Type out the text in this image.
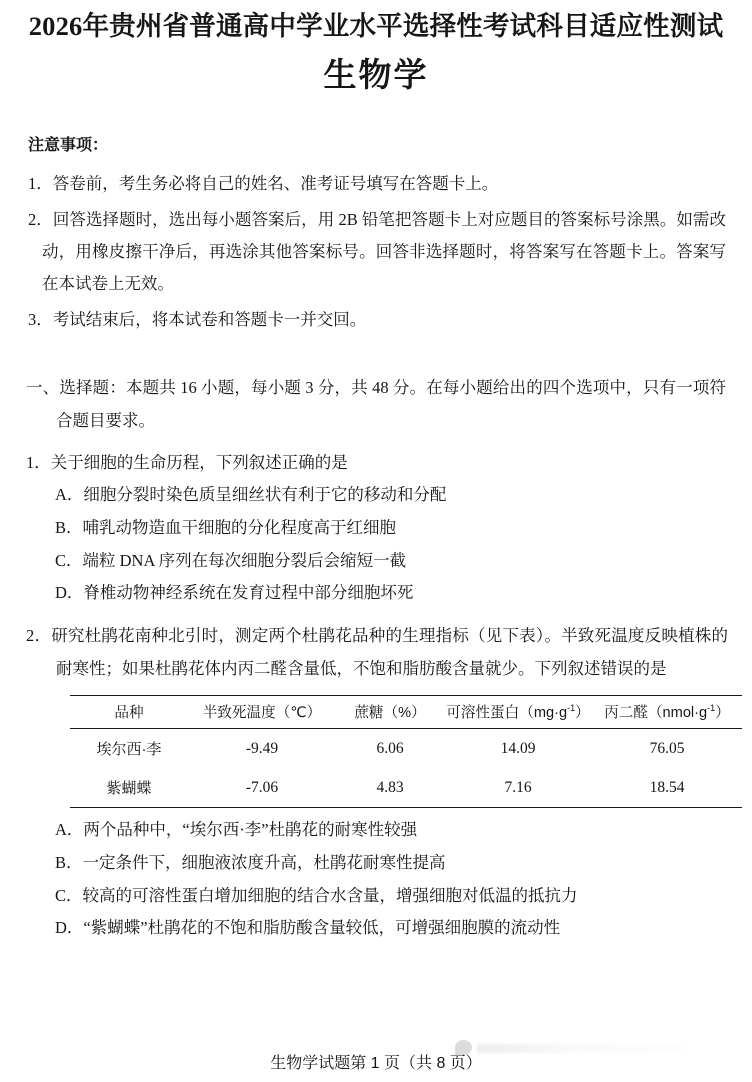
2026年贵州省普通高中学业水平选择性考试科目适应性测试
生物学

注意事项：

1．答卷前，考生务必将自己的姓名、准考证号填写在答题卡上。

2．回答选择题时，选出每小题答案后，用 2B 铅笔把答题卡上对应题目的答案标号涂黑。如需改动，用橡皮擦干净后，再选涂其他答案标号。回答非选择题时，将答案写在答题卡上。答案写在本试卷上无效。

3．考试结束后，将本试卷和答题卡一并交回。

一、选择题：本题共 16 小题，每小题 3 分，共 48 分。在每小题给出的四个选项中，只有一项符合题目要求。

1．关于细胞的生命历程，下列叙述正确的是

A．细胞分裂时染色质呈细丝状有利于它的移动和分配
B．哺乳动物造血干细胞的分化程度高于红细胞
C．端粒 DNA 序列在每次细胞分裂后会缩短一截
D．脊椎动物神经系统在发育过程中部分细胞坏死

2．研究杜鹃花南种北引时，测定两个杜鹃花品种的生理指标（见下表）。半致死温度反映植株的耐寒性；如果杜鹃花体内丙二醛含量低，不饱和脂肪酸含量就少。下列叙述错误的是

品种	半致死温度（℃）	蔗糖（%）	可溶性蛋白$(mg\cdot g^{-1})$	丙二醛$(nmol\cdot g^{-1})$
埃尔西·李	-9.49	6.06	14.09	76.05
紫蝴蝶	-7.06	4.83	7.16	18.54
A．两个品种中，“埃尔西·李”杜鹃花的耐寒性较强
B．一定条件下，细胞液浓度升高，杜鹃花耐寒性提高
C．较高的可溶性蛋白增加细胞的结合水含量，增强细胞对低温的抵抗力
D．“紫蝴蝶”杜鹃花的不饱和脂肪酸含量较低，可增强细胞膜的流动性
生物学试题第 1 页（共 8 页）
